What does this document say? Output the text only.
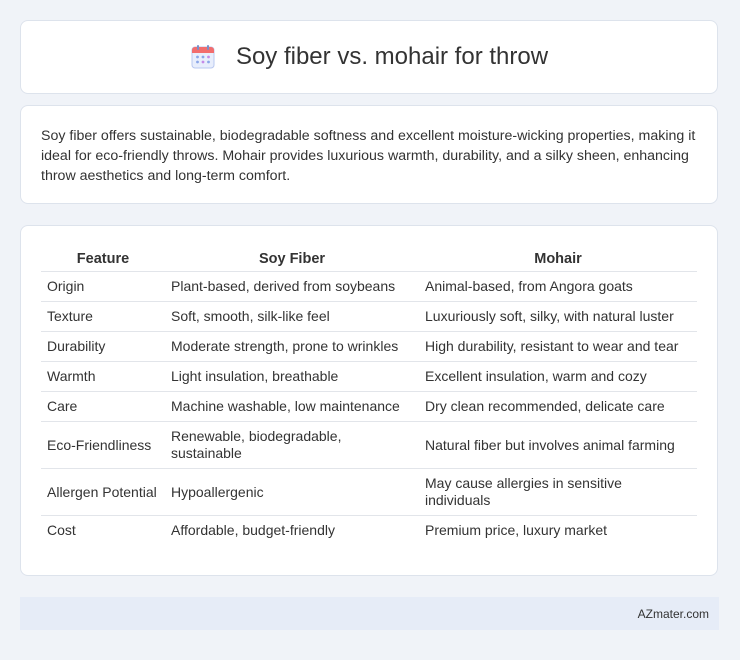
Soy fiber vs. mohair for throw
Soy fiber offers sustainable, biodegradable softness and excellent moisture-wicking properties, making it ideal for eco-friendly throws. Mohair provides luxurious warmth, durability, and a silky sheen, enhancing throw aesthetics and long-term comfort.
Feature	Soy Fiber	Mohair
Origin	Plant-based, derived from soybeans	Animal-based, from Angora goats
Texture	Soft, smooth, silk-like feel	Luxuriously soft, silky, with natural luster
Durability	Moderate strength, prone to wrinkles	High durability, resistant to wear and tear
Warmth	Light insulation, breathable	Excellent insulation, warm and cozy
Care	Machine washable, low maintenance	Dry clean recommended, delicate care
Eco-Friendliness	Renewable, biodegradable, sustainable	Natural fiber but involves animal farming
Allergen Potential	Hypoallergenic	May cause allergies in sensitive individuals
Cost	Affordable, budget-friendly	Premium price, luxury market
AZmater.com
